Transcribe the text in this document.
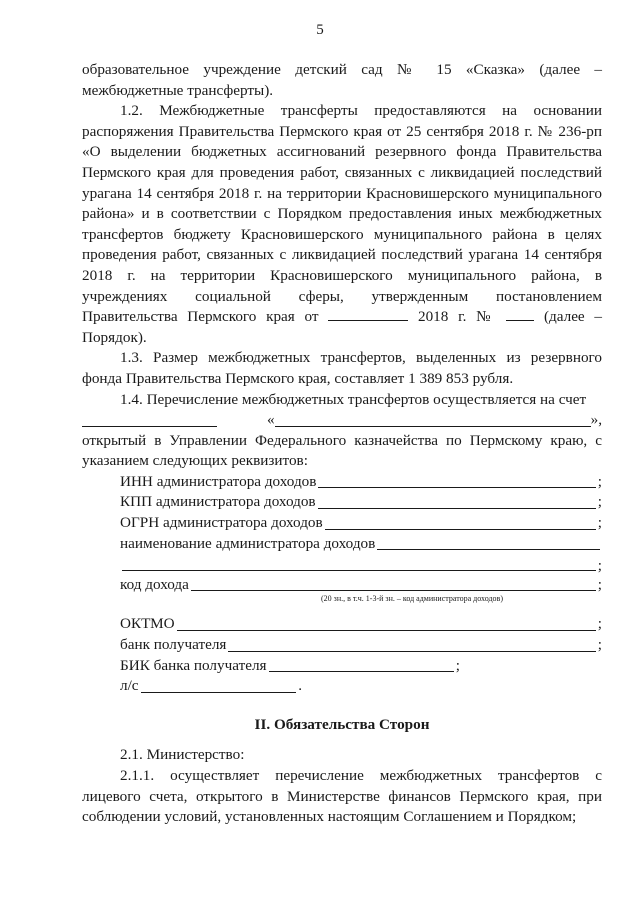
5

образовательное учреждение детский сад № 15 «Сказка» (далее – межбюджетные трансферты).

1.2. Межбюджетные трансферты предоставляются на основании распоряжения Правительства Пермского края от 25 сентября 2018 г. № 236-рп «О выделении бюджетных ассигнований резервного фонда Правительства Пермского края для проведения работ, связанных с ликвидацией последствий урагана 14 сентября 2018 г. на территории Красновишерского муниципального района» и в соответствии с Порядком предоставления иных межбюджетных трансфертов бюджету Красновишерского муниципального района в целях проведения работ, связанных с ликвидацией последствий урагана 14 сентября 2018 г. на территории Красновишерского муниципального района, в учреждениях социальной сферы, утвержденным постановлением Правительства Пермского края от	2018 г. №	(далее – Порядок).

1.3. Размер межбюджетных трансфертов, выделенных из резервного фонда Правительства Пермского края, составляет 1 389 853 рубля.

1.4. Перечисление межбюджетных трансфертов осуществляется на счет

«	»,

открытый в Управлении Федерального казначейства по Пермскому краю, с указанием следующих реквизитов:

ИНН администратора доходов	;
КПП администратора доходов	;
ОГРН администратора доходов	;
наименование администратора доходов
;
код дохода	;
(20 зн., в т.ч. 1-3-й зн. – код администратора доходов)
ОКТМО	;
банк получателя	;
БИК банка получателя	;
л/с	.
II. Обязательства Сторон

2.1. Министерство:

2.1.1. осуществляет перечисление межбюджетных трансфертов с лицевого счета, открытого в Министерстве финансов Пермского края, при соблюдении условий, установленных настоящим Соглашением и Порядком;
